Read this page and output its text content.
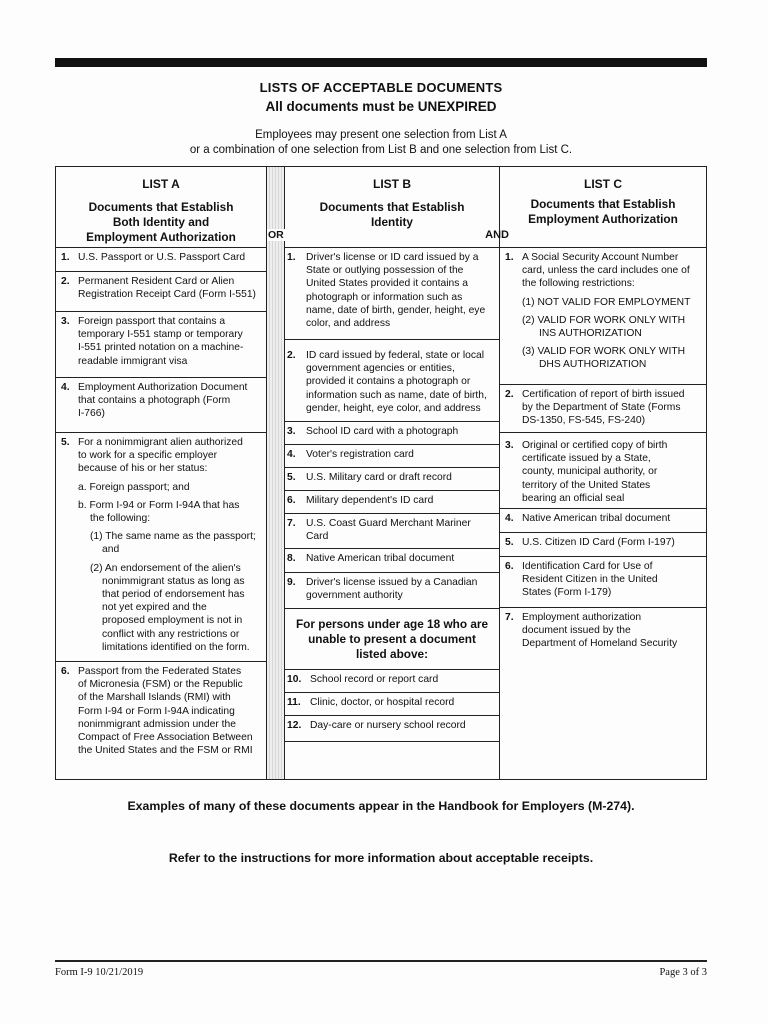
LISTS OF ACCEPTABLE DOCUMENTS
All documents must be UNEXPIRED
Employees may present one selection from List A
or a combination of one selection from List B and one selection from List C.
LIST A
Documents that Establish
Both Identity and
Employment Authorization
1. U.S. Passport or U.S. Passport Card
2. Permanent Resident Card or Alien
Registration Receipt Card (Form I-551)
3. Foreign passport that contains a
temporary I-551 stamp or temporary
I-551 printed notation on a machine-
readable immigrant visa
4. Employment Authorization Document
that contains a photograph (Form
I-766)
5. For a nonimmigrant alien authorized
to work for a specific employer
because of his or her status:
a. Foreign passport; and
b. Form I-94 or Form I-94A that has
the following:
(1) The same name as the passport;
and
(2) An endorsement of the alien's
nonimmigrant status as long as
that period of endorsement has
not yet expired and the
proposed employment is not in
conflict with any restrictions or
limitations identified on the form.
6. Passport from the Federated States
of Micronesia (FSM) or the Republic
of the Marshall Islands (RMI) with
Form I-94 or Form I-94A indicating
nonimmigrant admission under the
Compact of Free Association Between
the United States and the FSM or RMI
OR
LIST B
Documents that Establish
Identity
AND
1. Driver's license or ID card issued by a
State or outlying possession of the
United States provided it contains a
photograph or information such as
name, date of birth, gender, height, eye
color, and address
2. ID card issued by federal, state or local
government agencies or entities,
provided it contains a photograph or
information such as name, date of birth,
gender, height, eye color, and address
3. School ID card with a photograph
4. Voter's registration card
5. U.S. Military card or draft record
6. Military dependent's ID card
7. U.S. Coast Guard Merchant Mariner
Card
8. Native American tribal document
9. Driver's license issued by a Canadian
government authority
For persons under age 18 who are
unable to present a document
listed above:
10. School record or report card
11. Clinic, doctor, or hospital record
12. Day-care or nursery school record
LIST C
Documents that Establish
Employment Authorization
1. A Social Security Account Number
card, unless the card includes one of
the following restrictions:
(1) NOT VALID FOR EMPLOYMENT
(2) VALID FOR WORK ONLY WITH
INS AUTHORIZATION
(3) VALID FOR WORK ONLY WITH
DHS AUTHORIZATION
2. Certification of report of birth issued
by the Department of State (Forms
DS-1350, FS-545, FS-240)
3. Original or certified copy of birth
certificate issued by a State,
county, municipal authority, or
territory of the United States
bearing an official seal
4. Native American tribal document
5. U.S. Citizen ID Card (Form I-197)
6. Identification Card for Use of
Resident Citizen in the United
States (Form I-179)
7. Employment authorization
document issued by the
Department of Homeland Security
Examples of many of these documents appear in the Handbook for Employers (M-274).
Refer to the instructions for more information about acceptable receipts.
Form I-9 10/21/2019	Page 3 of 3
